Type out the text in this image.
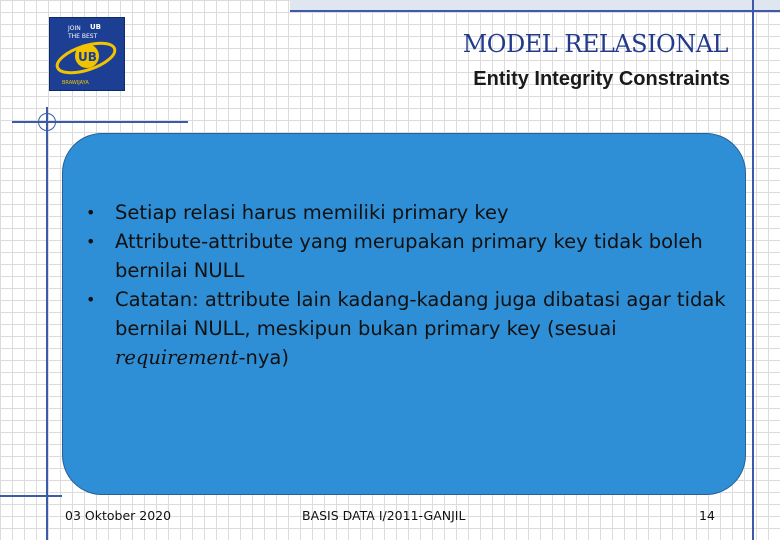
JOIN UB
THE BEST
UB
BRAWIJAYA
MODEL RELASIONAL
Entity Integrity Constraints
• Setiap relasi harus memiliki primary key
• Attribute-attribute yang merupakan primary key tidak boleh bernilai NULL
• Catatan: attribute lain kadang-kadang juga dibatasi agar tidak bernilai NULL, meskipun bukan primary key (sesuai requirement-nya)
03 Oktober 2020	BASIS DATA I/2011-GANJIL	14
